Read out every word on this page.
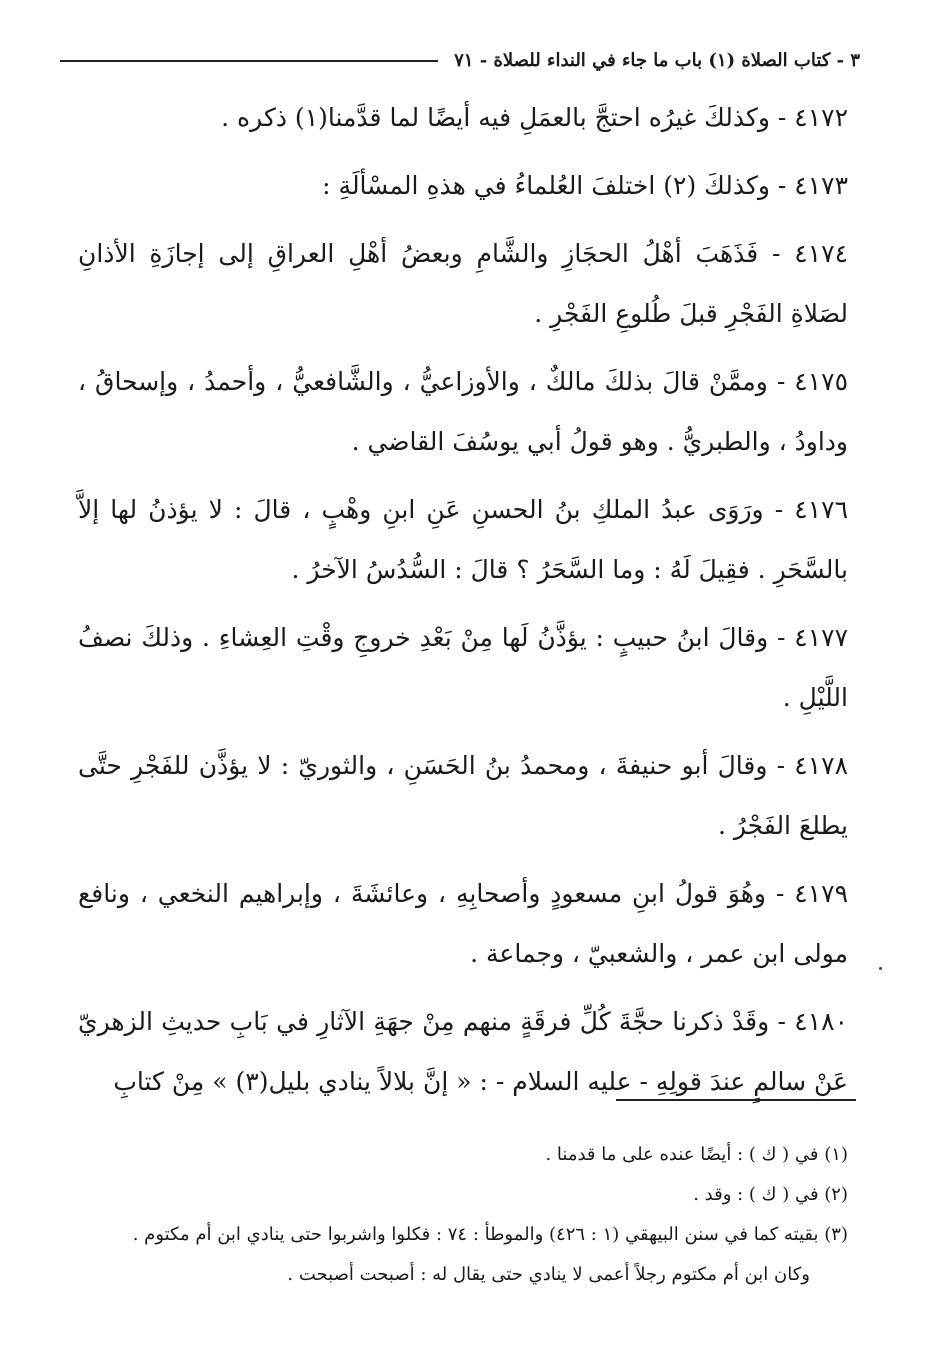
٣ - كتاب الصلاة (١) باب ما جاء في النداء للصلاة - ٧١

٤١٧٢ - وكذلكَ غيرُه احتجَّ بالعمَلِ فيه أيضًا لما قدَّمنا(١) ذكره .

٤١٧٣ - وكذلكَ (٢) اختلفَ العُلماءُ في هذهِ المسْألَةِ :

٤١٧٤ - فَذَهَبَ أهْلُ الحجَازِ والشَّامِ وبعضُ أهْلِ العراقِ إلى إجازَةِ الأذانِ لصَلاةِ الفَجْرِ قبلَ طُلوعِ الفَجْرِ .

٤١٧٥ - وممَّنْ قالَ بذلكَ مالكٌ ، والأوزاعيُّ ، والشَّافعيُّ ، وأحمدُ ، وإسحاقُ ، وداودُ ، والطبريُّ . وهو قولُ أبي يوسُفَ القاضي .

٤١٧٦ - ورَوَى عبدُ الملكِ بنُ الحسنِ عَنِ ابنِ وهْبٍ ، قالَ : لا يؤذنُ لها إلاَّ بالسَّحَرِ . فقِيلَ لَهُ : وما السَّحَرُ ؟ قالَ : السُّدُسُ الآخرُ .

٤١٧٧ - وقالَ ابنُ حبيبٍ : يؤذَّنُ لَها مِنْ بَعْدِ خروجِ وقْتِ العِشاءِ . وذلكَ نصفُ اللَّيْلِ .

٤١٧٨ - وقالَ أبو حنيفةَ ، ومحمدُ بنُ الحَسَنِ ، والثوريّ : لا يؤذَّن للفَجْرِ حتَّى يطلعَ الفَجْرُ .

٤١٧٩ - وهُوَ قولُ ابنِ مسعودٍ وأصحابِهِ ، وعائشَةَ ، وإبراهيم النخعي ، ونافع مولى ابن عمر ، والشعبيّ ، وجماعة .

٤١٨٠ - وقَدْ ذكرنا حجَّةَ كُلِّ فرقَةٍ منهم مِنْ جهَةِ الآثارِ في بَابِ حديثِ الزهريّ عَنْ سالمٍ عندَ قولِهِ - عليه السلام - : « إنَّ بلالاً ينادي بليل(٣) » مِنْ كتابِ

(١) في ( ك ) : أيضًا عنده على ما قدمنا .

(٢) في ( ك ) : وقد .

(٣) بقيته كما في سنن البيهقي (١ : ٤٢٦) والموطأ : ٧٤ : فكلوا واشربوا حتى ينادي ابن أم مكتوم .

وكان ابن أم مكتوم رجلاً أعمى لا ينادي حتى يقال له : أصبحت أصبحت .
